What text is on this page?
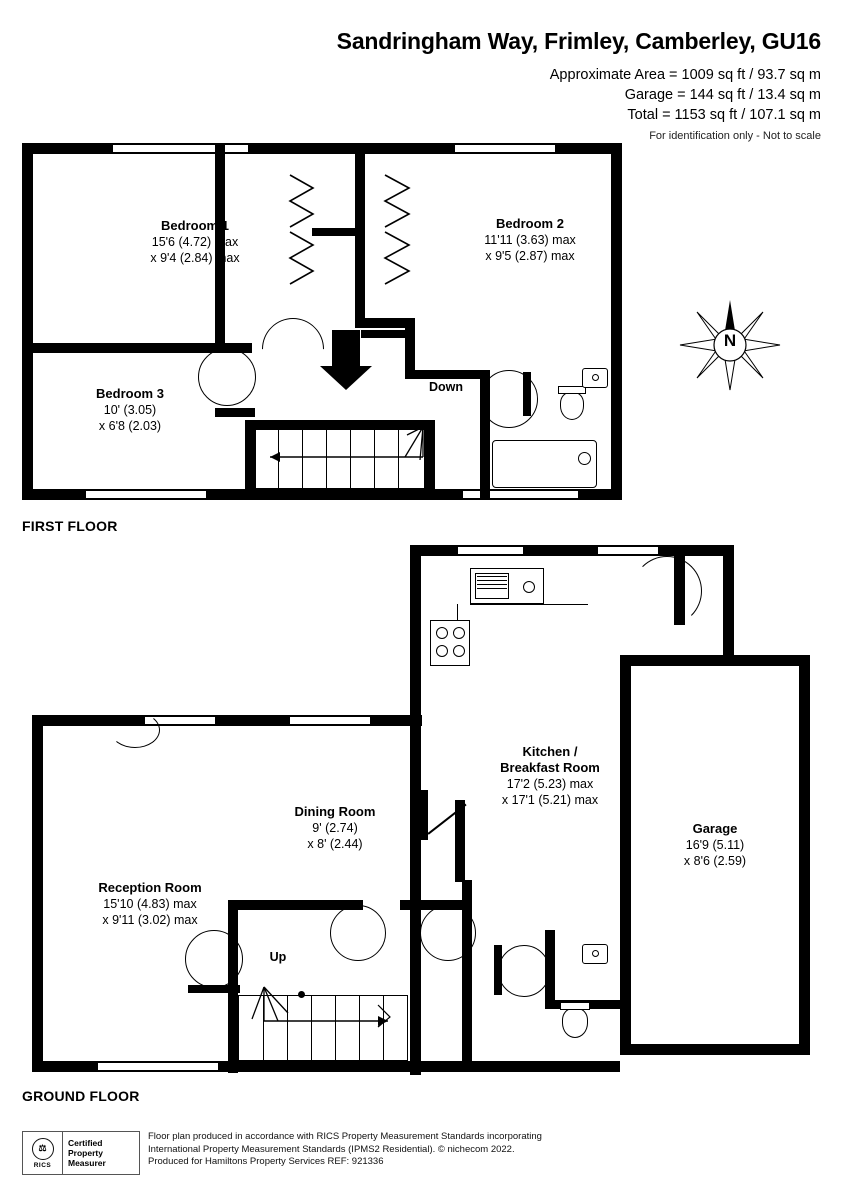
Sandringham Way, Frimley, Camberley, GU16
Approximate Area = 1009 sq ft / 93.7 sq m
Garage = 144 sq ft / 13.4 sq m
Total = 1153 sq ft / 107.1 sq m
For identification only - Not to scale
Bedroom 1
15'6 (4.72) max
x 9'4 (2.84) max
Bedroom 2
11'11 (3.63) max
x 9'5 (2.87) max
Bedroom 3
10' (3.05)
x 6'8 (2.03)
Down
FIRST FLOOR
N
Reception Room
15'10 (4.83) max
x 9'11 (3.02) max
Dining Room
9' (2.74)
x 8' (2.44)
Kitchen /
Breakfast Room
17'2 (5.23) max
x 17'1 (5.21) max
Garage
16'9 (5.11)
x 8'6 (2.59)
Up
GROUND FLOOR
⚖
RICS
Certified
Property
Measurer
Floor plan produced in accordance with RICS Property Measurement Standards incorporating
International Property Measurement Standards (IPMS2 Residential). © nichecom 2022.
Produced for Hamiltons Property Services REF: 921336
